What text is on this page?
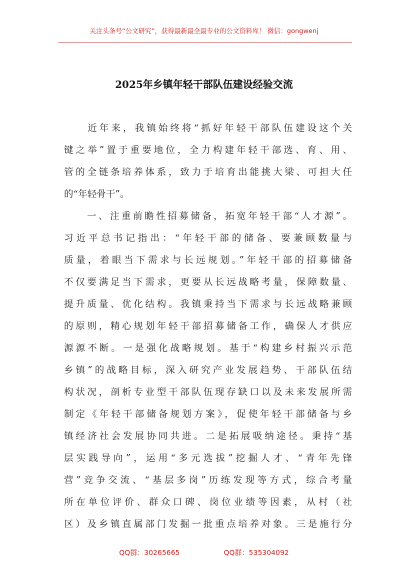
关注头条号“公文研究”，获得最新最全最专业的公文资料库！ 微信：gongwenj
2025年乡镇年轻干部队伍建设经验交流
　　近年来，我镇始终将“抓好年轻干部队伍建设这个关
键之举”置于重要地位，全力构建年轻干部选、育、用、
管的全链条培养体系，致力于培育出能挑大梁、可担大任
的“年轻骨干”。
　　一、注重前瞻性招募储备，拓宽年轻干部“人才源”。
习近平总书记指出：“年轻干部的储备、要兼顾数量与
质量，着眼当下需求与长远规划。”年轻干部的招募储备
不仅要满足当下需求，更要从长远战略考量，保障数量、
提升质量、优化结构。我镇秉持当下需求与长远战略兼顾
的原则，精心规划年轻干部招募储备工作，确保人才供应
源源不断。一是强化战略规划。基于“构建乡村振兴示范
乡镇”的战略目标，深入研究产业发展趋势、干部队伍结
构状况，剖析专业型干部队伍现存缺口以及未来发展所需
制定《年轻干部储备规划方案》，促使年轻干部储备与乡
镇经济社会发展协同共进。二是拓展吸纳途径。秉持“基
层实践导向”，运用“多元选拔”挖掘人才、“青年先锋
营”竞争交流、“基层多岗”历练发现等方式，综合考量
所在单位评价、群众口碑、岗位业绩等因素，从村（社
区）及乡镇直属部门发掘一批重点培养对象。三是施行分
QQ群：30265665	QQ群：535304092
